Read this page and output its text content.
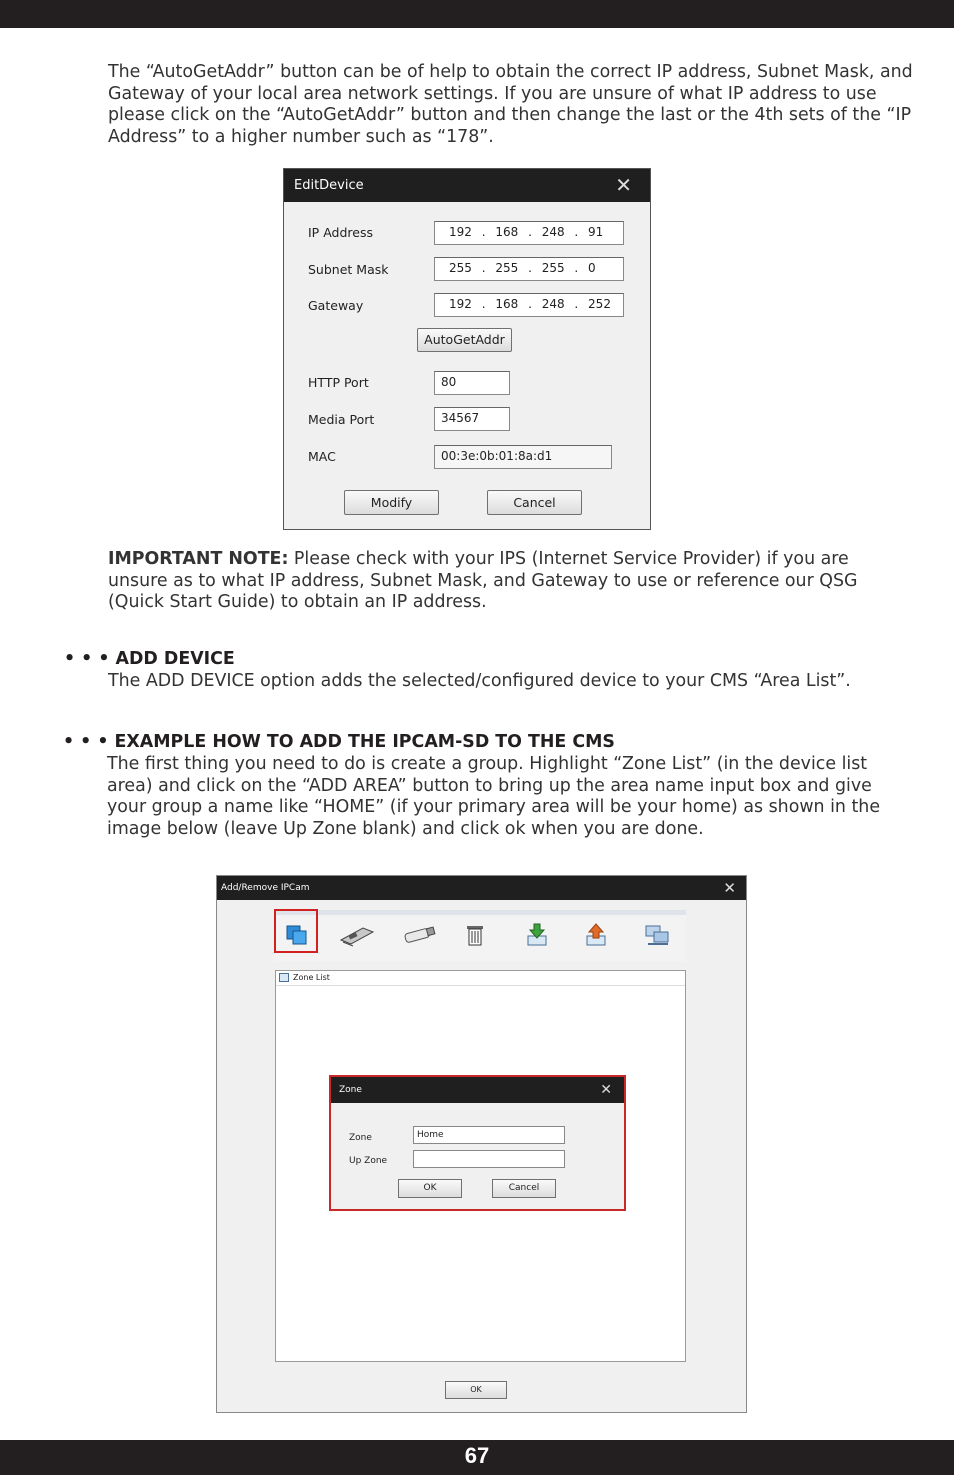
The “AutoGetAddr” button can be of help to obtain the correct IP address, Subnet Mask, and Gateway of your local area network settings. If you are unsure of what IP address to use please click on the “AutoGetAddr” button and then change the last or the 4th sets of the “IP Address” to a higher number such as “178”.
EditDevice	✕
IP Address	192 . 168 . 248 . 91
Subnet Mask	255 . 255 . 255 . 0
Gateway	192 . 168 . 248 . 252
AutoGetAddr
HTTP Port	80
Media Port	34567
MAC	00:3e:0b:01:8a:d1
Modify	Cancel
IMPORTANT NOTE: Please check with your IPS (Internet Service Provider) if you are unsure as to what IP address, Subnet Mask, and Gateway to use or reference our QSG (Quick Start Guide) to obtain an IP address.
• • • ADD DEVICE
The ADD DEVICE option adds the selected/configured device to your CMS “Area List”.
• • • EXAMPLE HOW TO ADD THE IPCAM-SD TO THE CMS
The first thing you need to do is create a group. Highlight “Zone List” (in the device list area) and click on the “ADD AREA” button to bring up the area name input box and give your group a name like “HOME” (if your primary area will be your home) as shown in the image below (leave Up Zone blank) and click ok when you are done.
Add/Remove IPCam	✕
Zone List
OK
Zone	✕
Zone	Home
Up Zone
OK	Cancel
67
